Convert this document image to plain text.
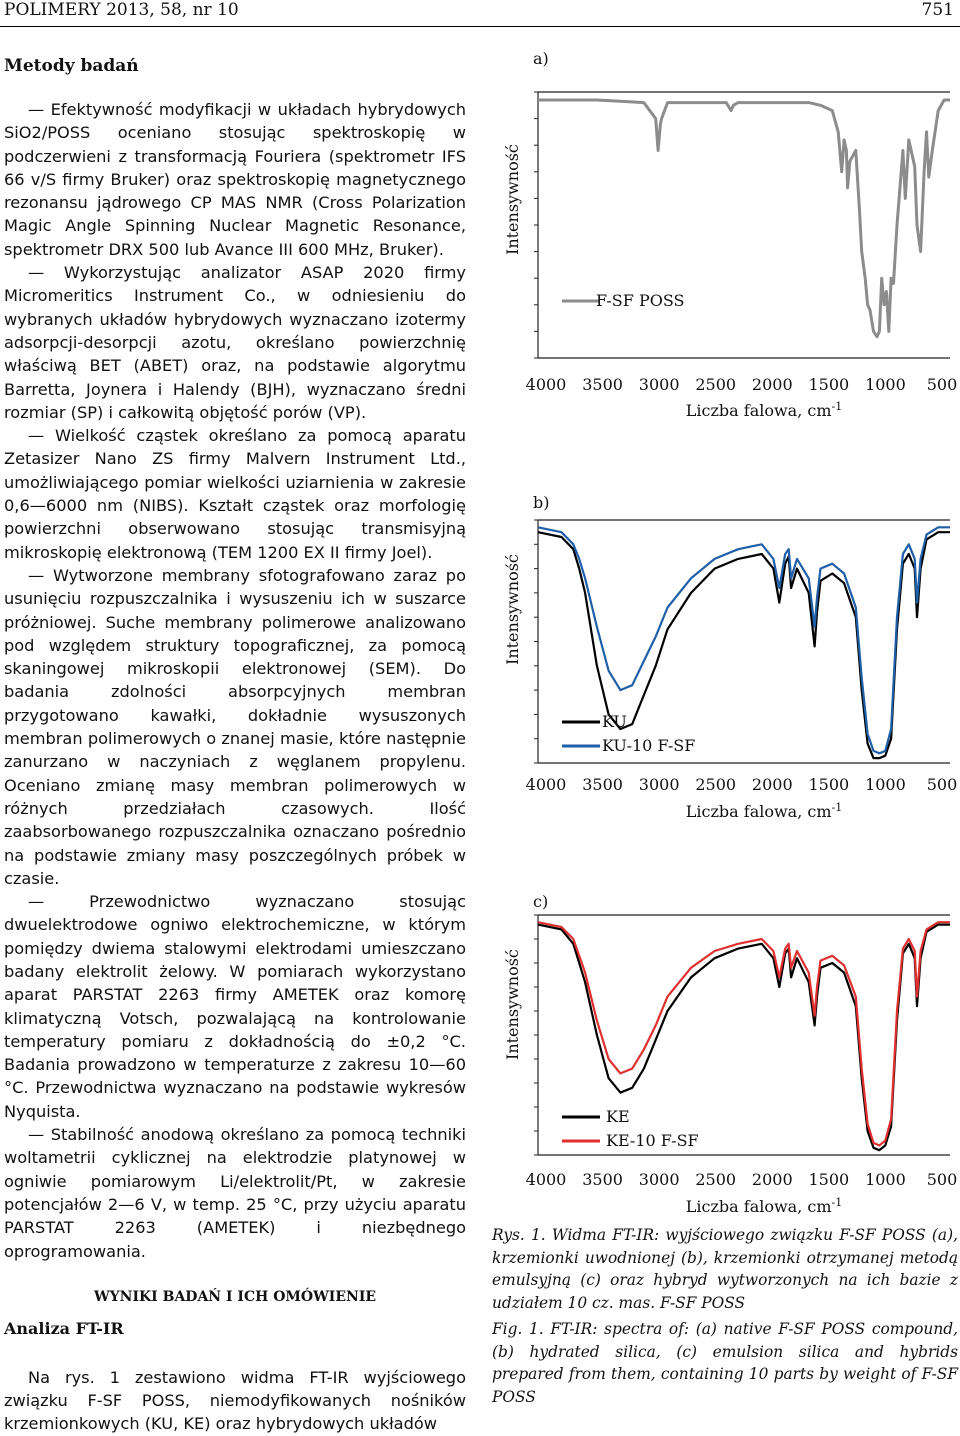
POLIMERY 2013, 58, nr 10	751
Metody badań

— Efektywność modyfikacji w układach hybrydowych SiO2/POSS oceniano stosując spektroskopię w podczerwieni z transformacją Fouriera (spektrometr IFS 66 v/S firmy Bruker) oraz spektroskopię magnetycznego rezonansu jądrowego CP MAS NMR (Cross Polarization Magic Angle Spinning Nuclear Magnetic Resonance, spektrometr DRX 500 lub Avance III 600 MHz, Bruker).

— Wykorzystując analizator ASAP 2020 firmy Micromeritics Instrument Co., w odniesieniu do wybranych układów hybrydowych wyznaczano izotermy adsorpcji-desorpcji azotu, określano powierzchnię właściwą BET (ABET) oraz, na podstawie algorytmu Barretta, Joynera i Halendy (BJH), wyznaczano średni rozmiar (SP) i całkowitą objętość porów (VP).

— Wielkość cząstek określano za pomocą aparatu Zetasizer Nano ZS firmy Malvern Instrument Ltd., umożliwiającego pomiar wielkości uziarnienia w zakresie 0,6—6000 nm (NIBS). Kształt cząstek oraz morfologię powierzchni obserwowano stosując transmisyjną mikroskopię elektronową (TEM 1200 EX II firmy Joel).

— Wytworzone membrany sfotografowano zaraz po usunięciu rozpuszczalnika i wysuszeniu ich w suszarce próżniowej. Suche membrany polimerowe analizowano pod względem struktury topograficznej, za pomocą skaningowej mikroskopii elektronowej (SEM). Do badania zdolności absorpcyjnych membran przygotowano kawałki, dokładnie wysuszonych membran polimerowych o znanej masie, które następnie zanurzano w naczyniach z węglanem propylenu. Oceniano zmianę masy membran polimerowych w różnych przedziałach czasowych. Ilość zaabsorbowanego rozpuszczalnika oznaczano pośrednio na podstawie zmiany masy poszczególnych próbek w czasie.

— Przewodnictwo wyznaczano stosując dwuelektrodowe ogniwo elektrochemiczne, w którym pomiędzy dwiema stalowymi elektrodami umieszczano badany elektrolit żelowy. W pomiarach wykorzystano aparat PARSTAT 2263 firmy AMETEK oraz komorę klimatyczną Votsch, pozwalającą na kontrolowanie temperatury pomiaru z dokładnością do ±0,2 °C. Badania prowadzono w temperaturze z zakresu 10—60 °C. Przewodnictwa wyznaczano na podstawie wykresów Nyquista.

— Stabilność anodową określano za pomocą techniki woltametrii cyklicznej na elektrodzie platynowej w ogniwie pomiarowym Li/elektrolit/Pt, w zakresie potencjałów 2—6 V, w temp. 25 °C, przy użyciu aparatu PARSTAT 2263 (AMETEK) i niezbędnego oprogramowania.

WYNIKI BADAŃ I ICH OMÓWIENIE
Analiza FT-IR

Na rys. 1 zestawiono widma FT-IR wyjściowego związku F-SF POSS, niemodyfikowanych nośników krzemionkowych (KU, KE) oraz hybrydowych układów

a)
Intensywność
4000 3500 3000 2500 2000 1500 1000 500
Liczba falowa, $cm^{-1}$
F-SF POSS
b)
Intensywność
4000 3500 3000 2500 2000 1500 1000 500
Liczba falowa, $cm^{-1}$
KU
KU-10 F-SF
c)
Intensywność
4000 3500 3000 2500 2000 1500 1000 500
Liczba falowa, $cm^{-1}$
KE
KE-10 F-SF
Rys. 1. Widma FT-IR: wyjściowego związku F-SF POSS (a), krzemionki uwodnionej (b), krzemionki otrzymanej metodą emulsyjną (c) oraz hybryd wytworzonych na ich bazie z udziałem 10 cz. mas. F-SF POSS
Fig. 1. FT-IR: spectra of: (a) native F-SF POSS compound, (b) hydrated silica, (c) emulsion silica and hybrids prepared from them, containing 10 parts by weight of F-SF POSS
